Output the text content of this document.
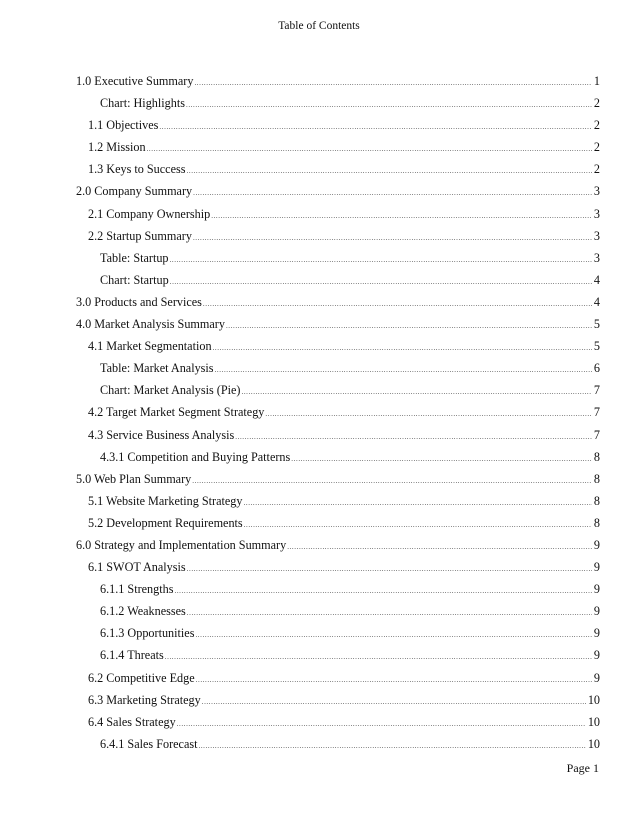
Table of Contents
1.0 Executive Summary .....	1
Chart: Highlights .....	2
1.1 Objectives .....	2
1.2 Mission .....	2
1.3 Keys to Success .....	2
2.0 Company Summary .....	3
2.1 Company Ownership .....	3
2.2 Startup Summary .....	3
Table: Startup .....	3
Chart: Startup .....	4
3.0 Products and Services .....	4
4.0 Market Analysis Summary .....	5
4.1 Market Segmentation .....	5
Table: Market Analysis .....	6
Chart: Market Analysis (Pie) .....	7
4.2 Target Market Segment Strategy .....	7
4.3 Service Business Analysis .....	7
4.3.1 Competition and Buying Patterns .....	8
5.0 Web Plan Summary .....	8
5.1 Website Marketing Strategy .....	8
5.2 Development Requirements .....	8
6.0 Strategy and Implementation Summary .....	9
6.1 SWOT Analysis .....	9
6.1.1 Strengths .....	9
6.1.2 Weaknesses .....	9
6.1.3 Opportunities .....	9
6.1.4 Threats .....	9
6.2 Competitive Edge .....	9
6.3 Marketing Strategy .....	10
6.4 Sales Strategy .....	10
6.4.1 Sales Forecast .....	10
Page 1
